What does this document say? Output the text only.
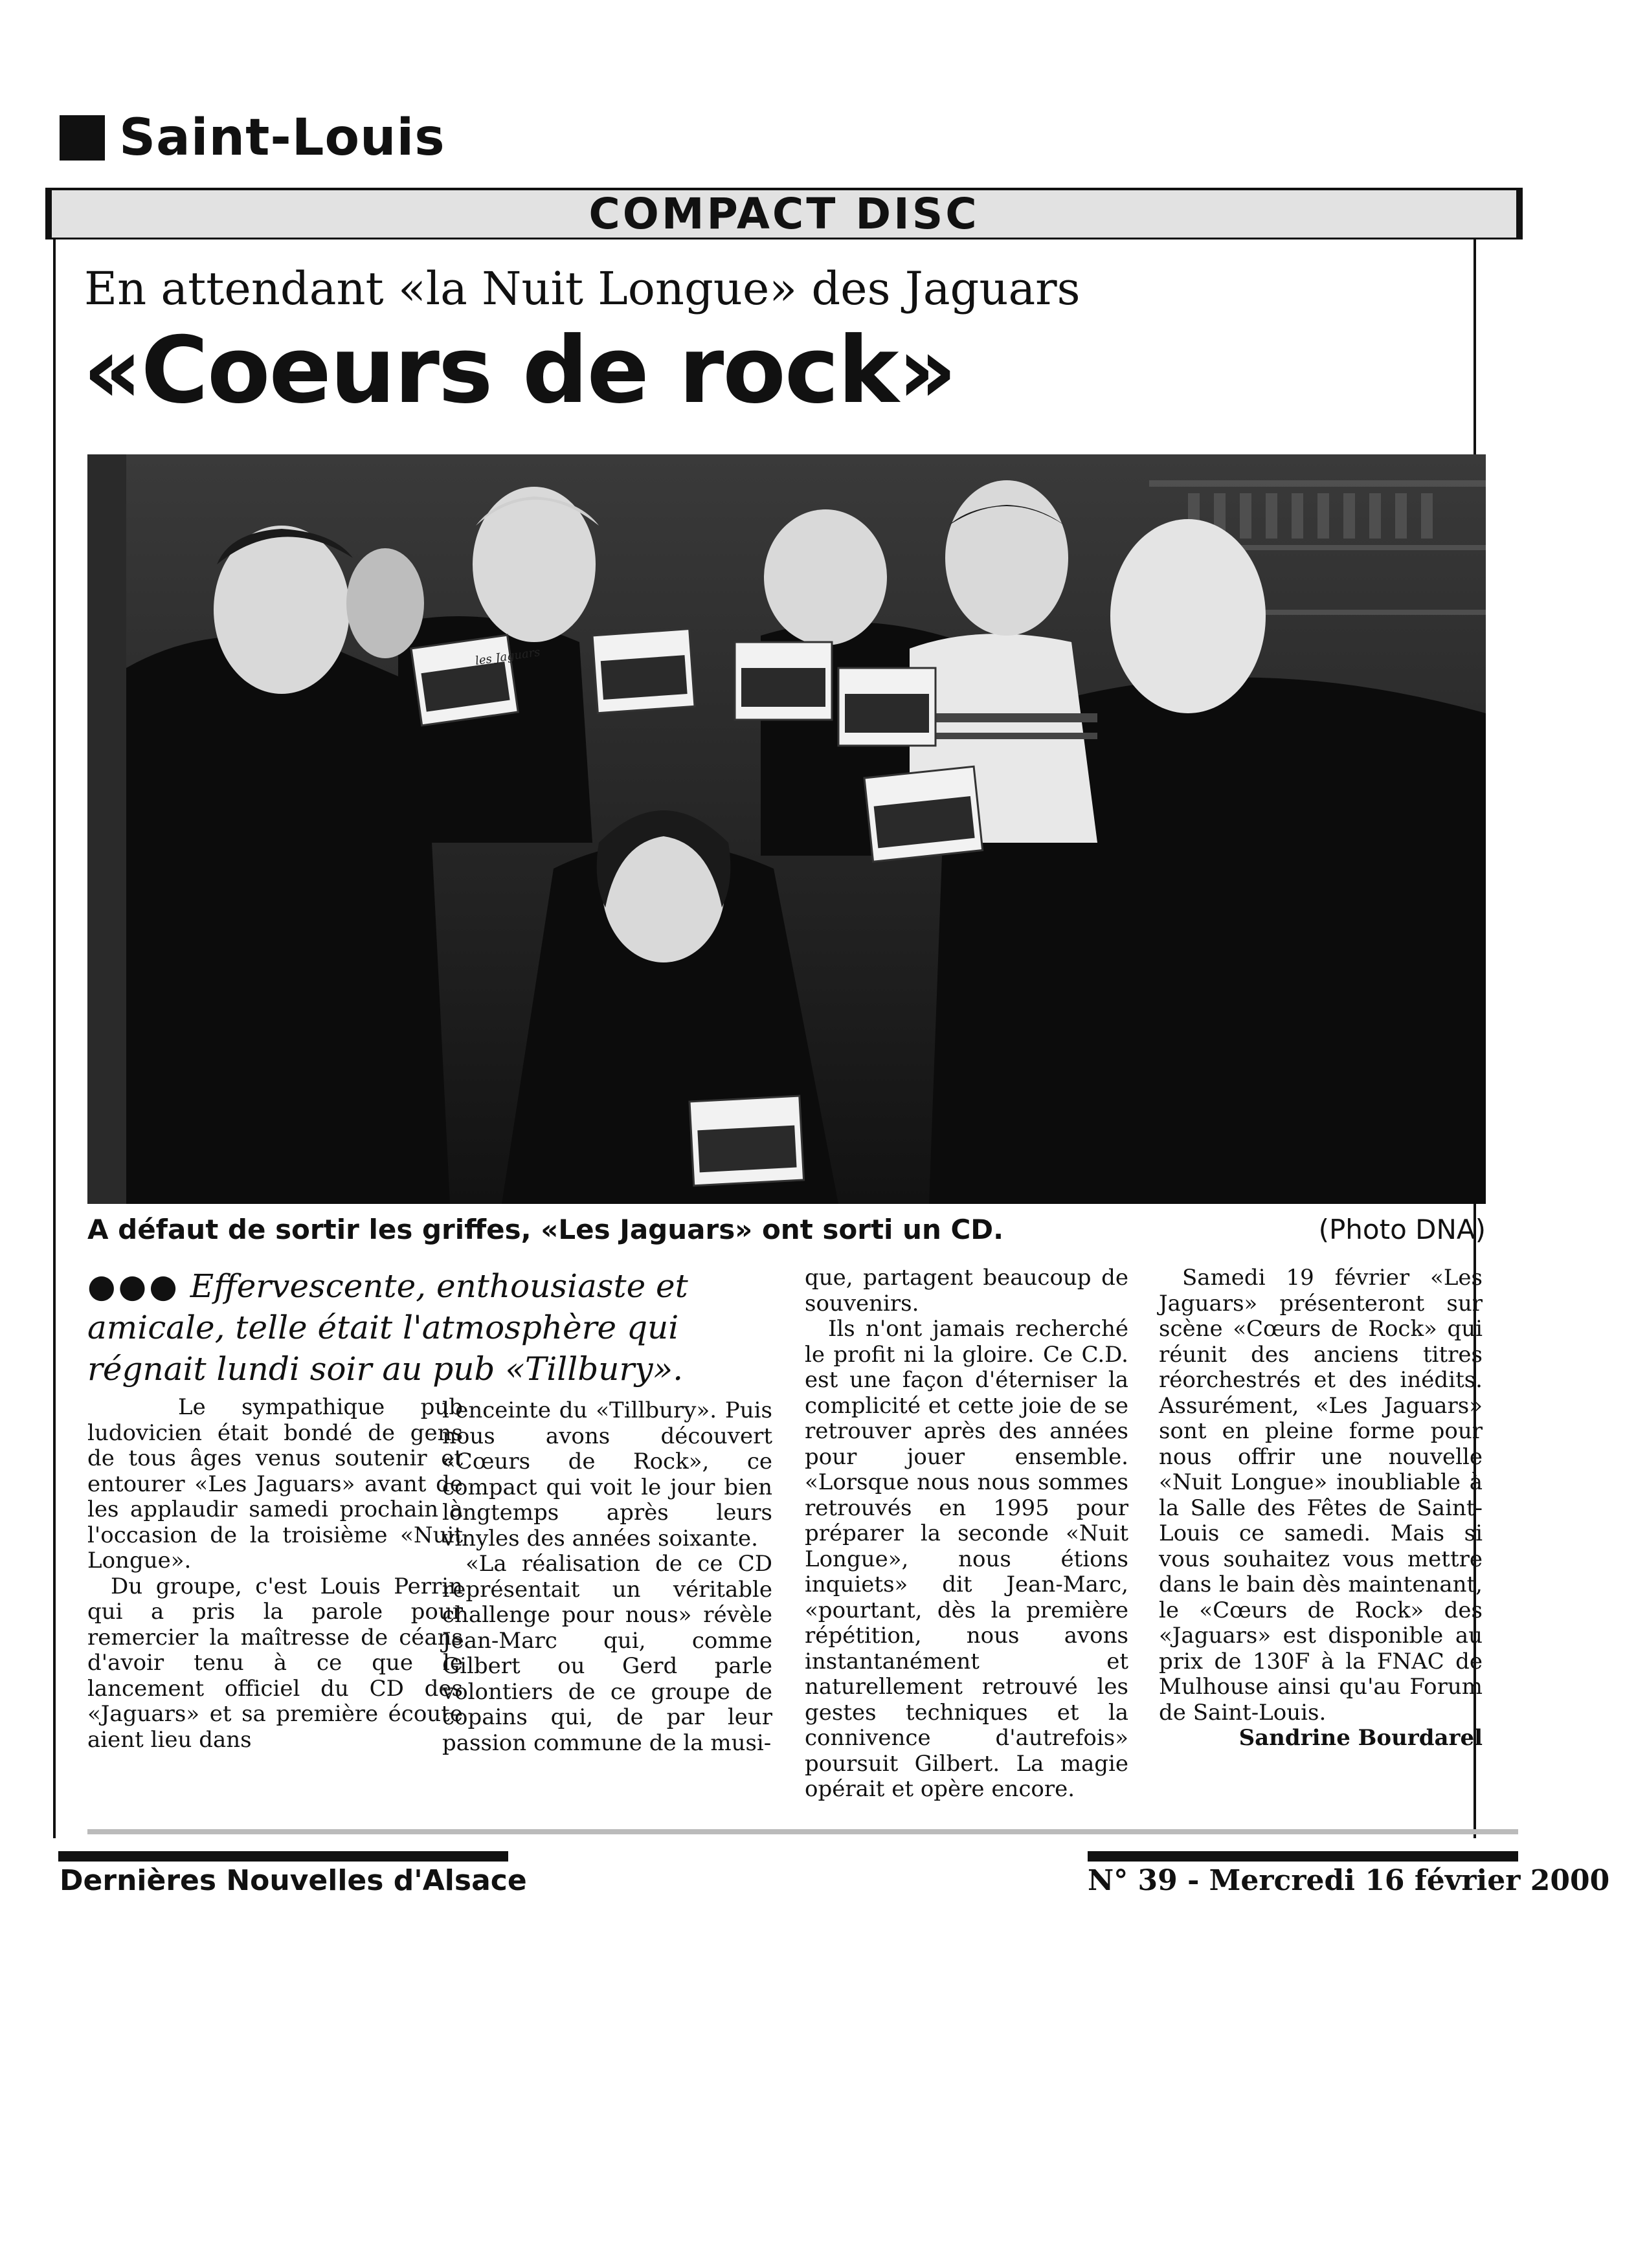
Saint-Louis
COMPACT DISC
En attendant «la Nuit Longue» des Jaguars
«Coeurs de rock»
les Jaguars
A défaut de sortir les griffes, «Les Jaguars» ont sorti un CD.	(Photo DNA)
●●● Effervescente, enthousiaste et amicale, telle était l'atmosphère qui régnait lundi soir au pub «Tillbury».

Le sympathique pub ludovicien était bondé de gens de tous âges venus soutenir et entourer «Les Jaguars» avant de les applaudir samedi prochain à l'occasion de la troisième «Nuit Longue».

Du groupe, c'est Louis Perrin qui a pris la parole pour remercier la maîtresse de céans d'avoir tenu à ce que le lancement officiel du CD des «Jaguars» et sa première écoute aient lieu dans

l'enceinte du «Tillbury». Puis nous avons découvert «Cœurs de Rock», ce compact qui voit le jour bien longtemps après leurs vinyles des années soixante.

«La réalisation de ce CD représentait un véritable challenge pour nous» révèle Jean-Marc qui, comme Gilbert ou Gerd parle volontiers de ce groupe de copains qui, de par leur passion commune de la musi-

que, partagent beaucoup de souvenirs.

Ils n'ont jamais recherché le profit ni la gloire. Ce C.D. est une façon d'éterniser la complicité et cette joie de se retrouver après des années pour jouer ensemble. «Lorsque nous nous sommes retrouvés en 1995 pour préparer la seconde «Nuit Longue», nous étions inquiets» dit Jean-Marc, «pourtant, dès la première répétition, nous avons instantanément et naturellement retrouvé les gestes techniques et la connivence d'autrefois» poursuit Gilbert. La magie opérait et opère encore.

Samedi 19 février «Les Jaguars» présenteront sur scène «Cœurs de Rock» qui réunit des anciens titres réorchestrés et des inédits. Assurément, «Les Jaguars» sont en pleine forme pour nous offrir une nouvelle «Nuit Longue» inoubliable à la Salle des Fêtes de Saint-Louis ce samedi. Mais si vous souhaitez vous mettre dans le bain dès maintenant, le «Cœurs de Rock» des «Jaguars» est disponible au prix de 130F à la FNAC de Mulhouse ainsi qu'au Forum de Saint-Louis.

Sandrine Bourdarel

Dernières Nouvelles d'Alsace	N° 39 - Mercredi 16 février 2000
